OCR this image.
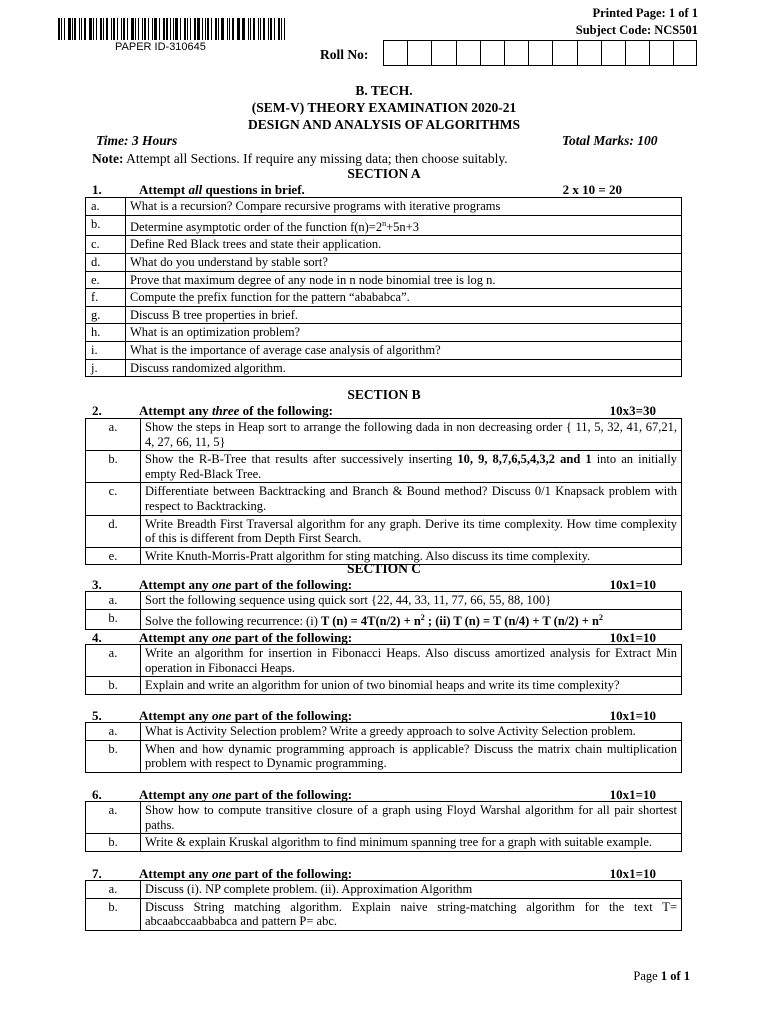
PAPER ID-310645
Printed Page: 1 of 1
Subject Code: NCS501
Roll No:
B. TECH.
(SEM-V) THEORY EXAMINATION 2020-21
DESIGN AND ANALYSIS OF ALGORITHMS
Time: 3 Hours	Total Marks: 100
Note: Attempt all Sections. If require any missing data; then choose suitably.
SECTION A
1.	Attempt all questions in brief.	2 x 10 = 20
a.	What is a recursion? Compare recursive programs with iterative programs
b.	Determine asymptotic order of the function $f(n)=2^n+5n+3$
c.	Define Red Black trees and state their application.
d.	What do you understand by stable sort?
e.	Prove that maximum degree of any node in n node binomial tree is log n.
f.	Compute the prefix function for the pattern “abababca”.
g.	Discuss B tree properties in brief.
h.	What is an optimization problem?
i.	What is the importance of average case analysis of algorithm?
j.	Discuss randomized algorithm.
SECTION B
2.	Attempt any three of the following:	10x3=30
a.	Show the steps in Heap sort to arrange the following dada in non decreasing order { 11, 5, 32, 41, 67,21, 4, 27, 66, 11, 5}
b.	Show the R-B-Tree that results after successively inserting 10, 9, 8,7,6,5,4,3,2 and 1 into an initially empty Red-Black Tree.
c.	Differentiate between Backtracking and Branch & Bound method? Discuss 0/1 Knapsack problem with respect to Backtracking.
d.	Write Breadth First Traversal algorithm for any graph. Derive its time complexity. How time complexity of this is different from Depth First Search.
e.	Write Knuth-Morris-Pratt algorithm for sting matching. Also discuss its time complexity.
SECTION C
3.	Attempt any one part of the following:	10x1=10
a.	Sort the following sequence using quick sort {22, 44, 33, 11, 77, 66, 55, 88, 100}
b.	Solve the following recurrence: (i) T $(n) = 4T(n/2) + n^2$ ; (ii) T (n) = T (n/4) + T $(n/2) + n^2$
4.	Attempt any one part of the following:	10x1=10
a.	Write an algorithm for insertion in Fibonacci Heaps. Also discuss amortized analysis for Extract Min operation in Fibonacci Heaps.
b.	Explain and write an algorithm for union of two binomial heaps and write its time complexity?
5.	Attempt any one part of the following:	10x1=10
a.	What is Activity Selection problem? Write a greedy approach to solve Activity Selection problem.
b.	When and how dynamic programming approach is applicable? Discuss the matrix chain multiplication problem with respect to Dynamic programming.
6.	Attempt any one part of the following:	10x1=10
a.	Show how to compute transitive closure of a graph using Floyd Warshal algorithm for all pair shortest paths.
b.	Write & explain Kruskal algorithm to find minimum spanning tree for a graph with suitable example.
7.	Attempt any one part of the following:	10x1=10
a.	Discuss (i). NP complete problem. (ii). Approximation Algorithm
b.	Discuss String matching algorithm. Explain naive string-matching algorithm for the text T= abcaabccaabbabca and pattern P= abc.
Page 1 of 1
